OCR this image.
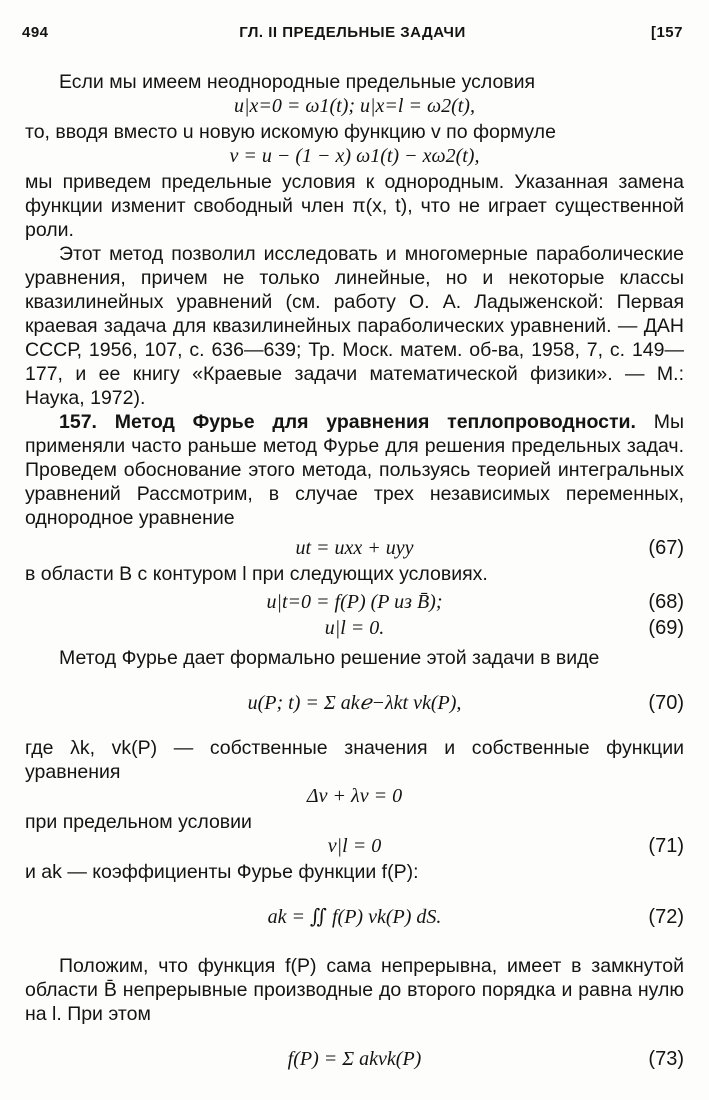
494	ГЛ. II ПРЕДЕЛЬНЫЕ ЗАДАЧИ	[157

Если мы имеем неоднородные предельные условия

u|x=0 = ω1(t); u|x=l = ω2(t),

то, вводя вместо u новую искомую функцию v по формуле

v = u − (1 − x) ω1(t) − xω2(t),

мы приведем предельные условия к однородным. Указанная замена функции изменит свободный член π(x, t), что не играет существенной роли.

Этот метод позволил исследовать и многомерные параболические уравнения, причем не только линейные, но и некоторые классы квазилинейных уравнений (см. работу О. А. Ладыженской: Первая краевая задача для квазилинейных параболических уравнений. — ДАН СССР, 1956, 107, с. 636—639; Тр. Моск. матем. об-ва, 1958, 7, с. 149—177, и ее книгу «Краевые задачи математической физики». — М.: Наука, 1972).

157. Метод Фурье для уравнения теплопроводности. Мы применяли часто раньше метод Фурье для решения предельных задач. Проведем обоснование этого метода, пользуясь теорией интегральных уравнений Рассмотрим, в случае трех независимых переменных, однородное уравнение

ut = uxx + uyy	(67)

в области B с контуром l при следующих условиях.

u|t=0 = f(P) (P из B̄);	(68)
u|l = 0.	(69)

Метод Фурье дает формально решение этой задачи в виде

u(P; t) = Σ akℯ−λkt vk(P),	(70)

где λk, vk(P) — собственные значения и собственные функции уравнения

Δv + λv = 0

при предельном условии

v|l = 0	(71)

и ak — коэффициенты Фурье функции f(P):

ak = ∬ f(P) vk(P) dS.	(72)

Положим, что функция f(P) сама непрерывна, имеет в замкнутой области B̄ непрерывные производные до второго порядка и равна нулю на l. При этом

f(P) = Σ akvk(P)	(73)
